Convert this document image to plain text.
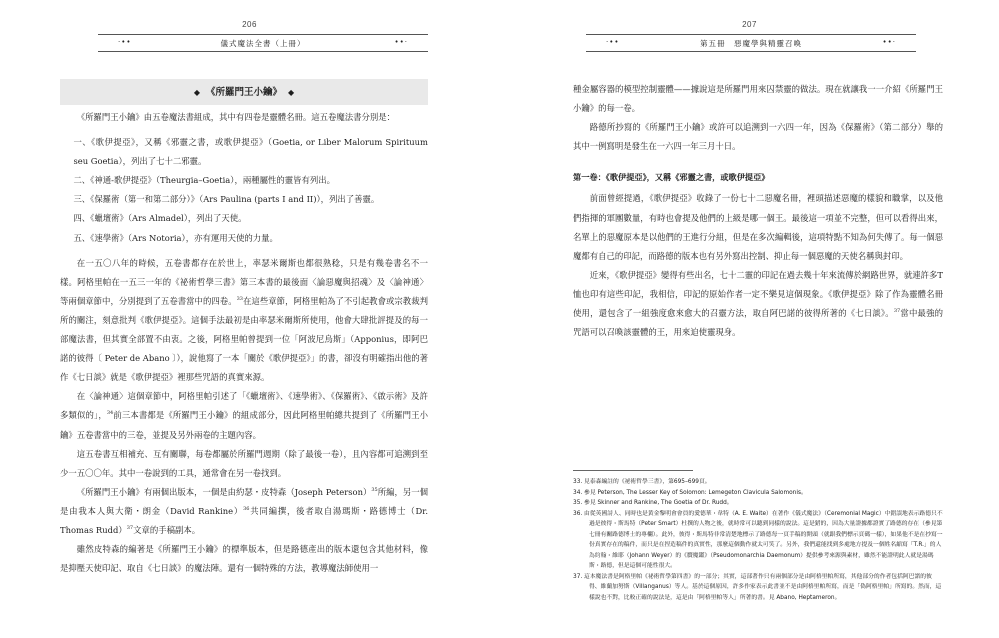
206
·••	儀式魔法全書（上冊）	••·
◆ 《所羅門王小鑰》 ◆

《所羅門王小鑰》由五卷魔法書組成，其中有四卷是靈體名冊。這五卷魔法書分別是：

一、《歌伊提亞》，又稱《邪靈之書，或歌伊提亞》（Goetia, or Liber Malorum Spirituum seu Goetia），列出了七十二邪靈。

二、《神通-歌伊提亞》（Theurgia–Goetia），兩種屬性的靈皆有列出。

三、《保羅術（第一和第二部分）》（Ars Paulina (parts I and II)），列出了善靈。

四、《蠟壇術》（Ars Almadel），列出了天使。

五、《速學術》（Ars Notoria），亦有運用天使的力量。

在一五〇八年的時候，五卷書都存在於世上，率瑟米爾斯也都很熟稔，只是有幾卷書名不一樣。阿格里帕在一五三一年的《祕術哲學三書》第三本書的最後面〈論惡魔與招魂〉及〈論神通〉等兩個章節中，分別提到了五卷書當中的四卷。$^{33}$在這些章節，阿格里帕為了不引起教會或宗教裁判所的關注，刻意批判《歌伊提亞》。這個手法最初是由率瑟米爾斯所使用，他會大肆批評提及的每一部魔法書，但其實全部置不由衷。之後，阿格里帕曾提到一位「阿波尼烏斯」（Apponius，即阿巴諾的彼得〔 Peter de Abano 〕），說他寫了一本「關於《歌伊提亞》」的書，卻沒有明確指出他的著作《七日談》就是《歌伊提亞》裡那些咒語的真實來源。

在〈論神通〉這個章節中，阿格里帕引述了「《蠟壇術》、《速學術》、《保羅術》、《啟示術》及許多類似的」，$^{34}$前三本書都是《所羅門王小鑰》的組成部分，因此阿格里帕總共提到了《所羅門王小鑰》五卷書當中的三卷，並提及另外兩卷的主題內容。

這五卷書互相補充、互有關聯，每卷都屬於所羅門週期（除了最後一卷），且內容都可追溯到至少一五〇〇年。其中一卷說到的工具，通常會在另一卷找到。

《所羅門王小鑰》有兩個出版本，一個是由約瑟・皮特森（Joseph Peterson）$^{35}$所編，另一個是由我本人與大衛・朗金（David Rankine）$^{36}$共同編撰，後者取自湯瑪斯・路德博士（Dr. Thomas Rudd）$^{37}$文章的手稿副本。

雖然皮特森的編著是《所羅門王小鑰》的標準版本，但是路德產出的版本還包含其他材料，像是抑壓天使印記、取自《七日談》的魔法陣。還有一個特殊的方法，教導魔法師使用一

207
·••	第五冊　惡魔學與精靈召喚	••·

種金屬容器的模型控制靈體——據說這是所羅門用來囚禁靈的做法。現在就讓我一一介紹《所羅門王小鑰》的每一卷。

路德所抄寫的《所羅門王小鑰》或許可以追溯到一六四一年，因為《保羅術》（第二部分）舉的其中一例寫明是發生在一六四一年三月十日。

第一卷：《歌伊提亞》，又稱《邪靈之書，或歌伊提亞》

前面曾經提過，《歌伊提亞》收錄了一份七十二惡魔名冊，裡頭描述惡魔的樣貌和職掌，以及他們指揮的軍團數量，有時也會提及他們的上級是哪一個王。最後這一項並不完整，但可以看得出來，名單上的惡魔原本是以他們的王進行分組，但是在多次編輯後，這項特點不知為何失傳了。每一個惡魔都有自己的印記，而路德的版本也有另外寫出控制、抑止每一個惡魔的天使名稱與封印。

近來，《歌伊提亞》變得有些出名，七十二靈的印記在過去幾十年來流傳於網路世界，就連許多T恤也印有這些印記，我相信，印記的原始作者一定不樂見這個現象。《歌伊提亞》除了作為靈體名冊使用，還包含了一組強度愈來愈大的召靈方法，取自阿巴諾的彼得所著的《七日談》。$^{37}$當中最強的咒語可以召喚該靈體的王，用來迫使靈現身。

33. 見泰森編註的《祕術哲學三書》，第695–699頁。

34. 參見 Peterson, The Lesser Key of Solomon: Lemegeton Clavicula Salomonis。

35. 參見 Skinner and Rankine, The Goetia of Dr. Rudd。

36. 由從英國詩人、同時也是黃金黎明會會員的愛德華・韋特（A. E. Waite）在著作《儀式魔法》（Ceremonial Magic）中錯誤地表示路德只不過是彼得・斯馬特（Peter Smart）杜撰的人物之後，就時常可以聽到同樣的說法。這是錯的，因為大量證據都證實了路德的存在（參見第七冊有關路德博士的專欄）。此外，彼得・斯馬特非常清楚地標示了路德每一頁手稿的開頭（就跟我們標示頁碼一樣），如果他不是在抄寫一份真實存在的稿件，而只是在捏造稿件的真實性，那麼這個動作就太可笑了。另外，我們還能找到多處地方提及一個姓名縮寫「T.R.」的人為約翰・維耶（Johann Weyer）的《贗魔鑑》（Pseudomonarchia Daemonum）提供參考來源與素材，雖然不能證明此人就是湯瑪斯・路德，但是這個可能性很大。

37. 這本魔法書是阿格里帕《祕術哲學第四書》的一部分；其實，這部著作只有兩個部分是由阿格里帕所寫，其他部分的作者包括阿巴諾的彼得、維蘭加努斯（Villanganus）等人。基於這個原因，許多作家表示此書並不是由阿格里帕所寫，而是「偽阿格里帕」所寫的。然而，這樣說也不對，比較正確的說法是，這是由「阿格里帕等人」所著的書。見 Abano, Heptameron。
